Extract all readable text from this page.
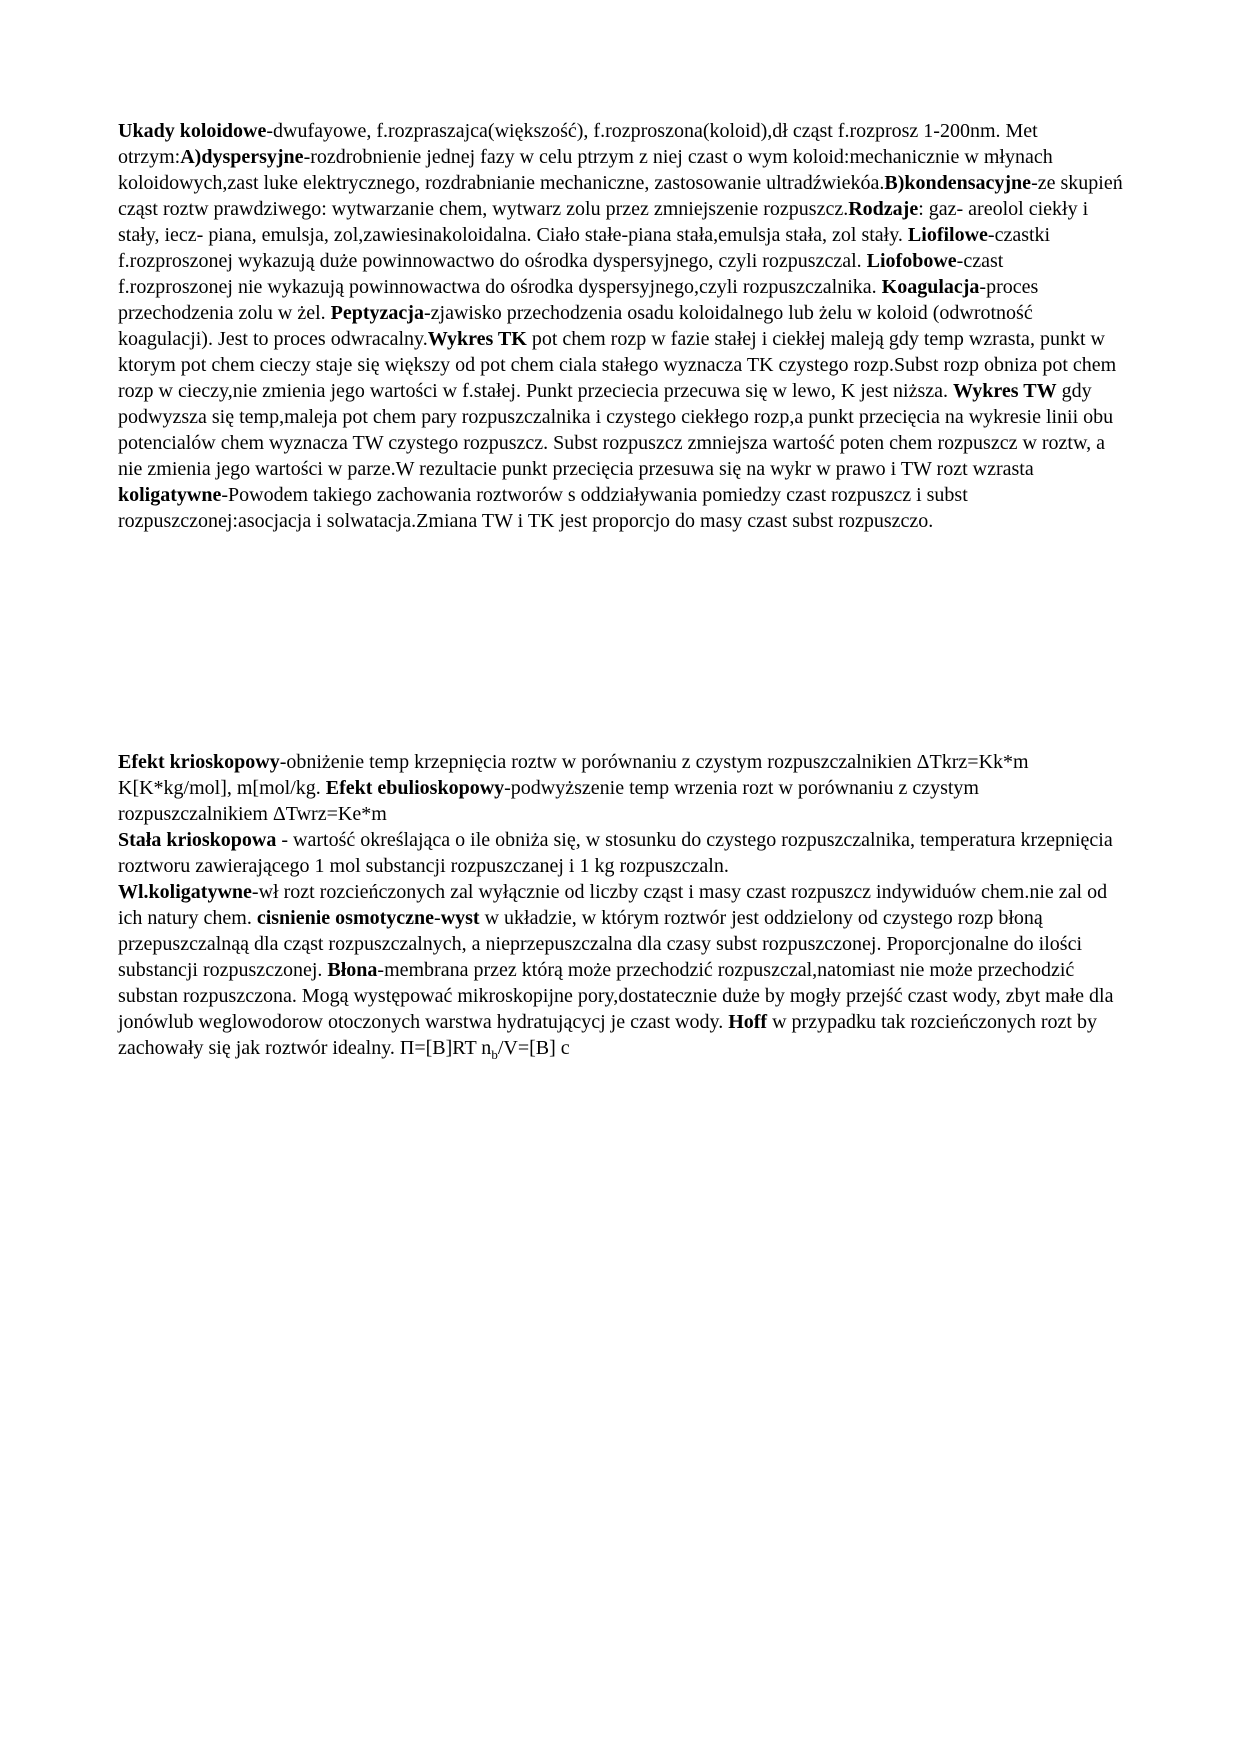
Ukady koloidowe-dwufayowe, f.rozpraszajca(większość), f.rozproszona(koloid),dł cząst f.rozprosz 1-200nm. Met otrzym:A)dyspersyjne-rozdrobnienie jednej fazy w celu ptrzym z niej czast o wym koloid:mechanicznie w młynach koloidowych,zast luke elektrycznego, rozdrabnianie mechaniczne, zastosowanie ultradźwiekóa.B)kondensacyjne-ze skupień cząst roztw prawdziwego: wytwarzanie chem, wytwarz zolu przez zmniejszenie rozpuszcz.Rodzaje: gaz- areolol ciekły i stały, iecz- piana, emulsja, zol,zawiesinakoloidalna. Ciało stałe-piana stała,emulsja stała, zol stały. Liofilowe-czastki f.rozproszonej wykazują duże powinnowactwo do ośrodka dyspersyjnego, czyli rozpuszczal. Liofobowe-czast f.rozproszonej nie wykazują powinnowactwa do ośrodka dyspersyjnego,czyli rozpuszczalnika. Koagulacja-proces przechodzenia zolu w żel. Peptyzacja-zjawisko przechodzenia osadu koloidalnego lub żelu w koloid (odwrotność koagulacji). Jest to proces odwracalny.Wykres TK pot chem rozp w fazie stałej i ciekłej maleją gdy temp wzrasta, punkt w ktorym pot chem cieczy staje się większy od pot chem ciala stałego wyznacza TK czystego rozp.Subst rozp obniza pot chem rozp w cieczy,nie zmienia jego wartości w f.stałej. Punkt przeciecia przecuwa się w lewo, K jest niższa. Wykres TW gdy podwyzsza się temp,maleja pot chem pary rozpuszczalnika i czystego ciekłego rozp,a punkt przecięcia na wykresie linii obu potencialów chem wyznacza TW czystego rozpuszcz. Subst rozpuszcz zmniejsza wartość poten chem rozpuszcz w roztw, a nie zmienia jego wartości w parze.W rezultacie punkt przecięcia przesuwa się na wykr w prawo i TW rozt wzrasta koligatywne-Powodem takiego zachowania roztworów s oddziaływania pomiedzy czast rozpuszcz i subst rozpuszczonej:asocjacja i solwatacja.Zmiana TW i TK jest proporcjo do masy czast subst rozpuszczo.

Efekt krioskopowy-obniżenie temp krzepnięcia roztw w porównaniu z czystym rozpuszczalnikien ΔTkrz=Kk*m K[K*kg/mol], m[mol/kg. Efekt ebulioskopowy-podwyższenie temp wrzenia rozt w porównaniu z czystym rozpuszczalnikiem ΔTwrz=Ke*m
Stała krioskopowa - wartość określająca o ile obniża się, w stosunku do czystego rozpuszczalnika, temperatura krzepnięcia roztworu zawierającego 1 mol substancji rozpuszczanej i 1 kg rozpuszczaln.
Wl.koligatywne-wł rozt rozcieńczonych zal wyłącznie od liczby cząst i masy czast rozpuszcz indywiduów chem.nie zal od ich natury chem. cisnienie osmotyczne-wyst w układzie, w którym roztwór jest oddzielony od czystego rozp błoną przepuszczalnąą dla cząst rozpuszczalnych, a nieprzepuszczalna dla czasy subst rozpuszczonej. Proporcjonalne do ilości substancji rozpuszczonej. Błona-membrana przez którą może przechodzić rozpuszczal,natomiast nie może przechodzić substan rozpuszczona. Mogą występować mikroskopijne pory,dostatecznie duże by mogły przejść czast wody, zbyt małe dla jonówlub weglowodorow otoczonych warstwa hydratującycj je czast wody. Hoff w przypadku tak rozcieńczonych rozt by zachowały się jak roztwór idealny. Π=[B]RT $n_b/V=[B]$ c
